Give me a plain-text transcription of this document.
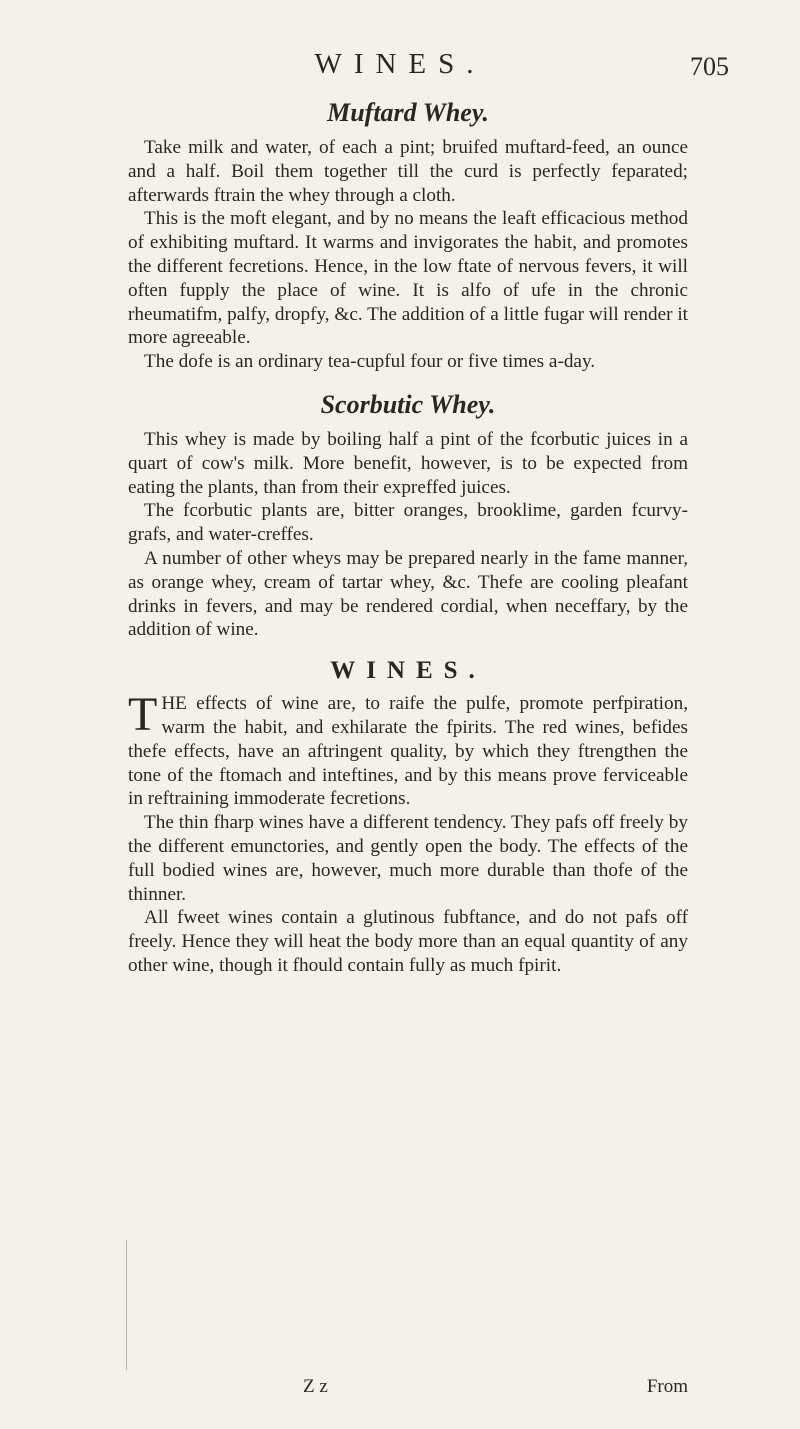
WINES.	705
Muftard Whey.

Take milk and water, of each a pint; bruifed muftard-feed, an ounce and a half. Boil them together till the curd is perfectly feparated; afterwards ftrain the whey through a cloth.

This is the moft elegant, and by no means the leaft efficacious method of exhibiting muftard. It warms and invigorates the habit, and promotes the different fecretions. Hence, in the low ftate of nervous fevers, it will often fupply the place of wine. It is alfo of ufe in the chronic rheumatifm, palfy, dropfy, &c. The addition of a little fugar will render it more agreeable.

The dofe is an ordinary tea-cupful four or five times a-day.

Scorbutic Whey.

This whey is made by boiling half a pint of the fcorbutic juices in a quart of cow's milk. More benefit, however, is to be expected from eating the plants, than from their expreffed juices.

The fcorbutic plants are, bitter oranges, brooklime, garden fcurvy-grafs, and water-creffes.

A number of other wheys may be prepared nearly in the fame manner, as orange whey, cream of tartar whey, &c. Thefe are cooling pleafant drinks in fevers, and may be rendered cordial, when neceffary, by the addition of wine.

WINES.

THE effects of wine are, to raife the pulfe, promote perfpiration, warm the habit, and exhilarate the fpirits. The red wines, befides thefe effects, have an aftringent quality, by which they ftrengthen the tone of the ftomach and inteftines, and by this means prove ferviceable in reftraining immoderate fecretions.

The thin fharp wines have a different tendency. They pafs off freely by the different emunctories, and gently open the body. The effects of the full bodied wines are, however, much more durable than thofe of the thinner.

All fweet wines contain a glutinous fubftance, and do not pafs off freely. Hence they will heat the body more than an equal quantity of any other wine, though it fhould contain fully as much fpirit.

Z z	From
